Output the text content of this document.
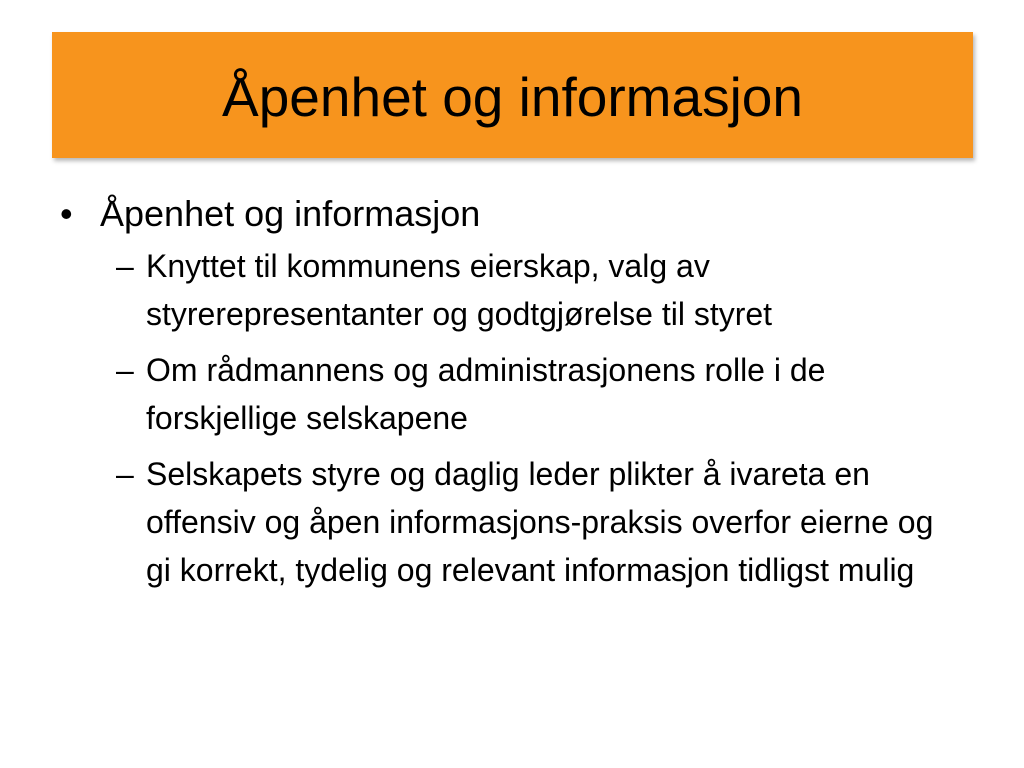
Åpenhet og informasjon
• Åpenhet og informasjon
– Knyttet til kommunens eierskap, valg av styrerepresentanter og godtgjørelse til styret
– Om rådmannens og administrasjonens rolle i de forskjellige selskapene
– Selskapets styre og daglig leder plikter å ivareta en offensiv og åpen informasjons-praksis overfor eierne og gi korrekt, tydelig og relevant informasjon tidligst mulig
